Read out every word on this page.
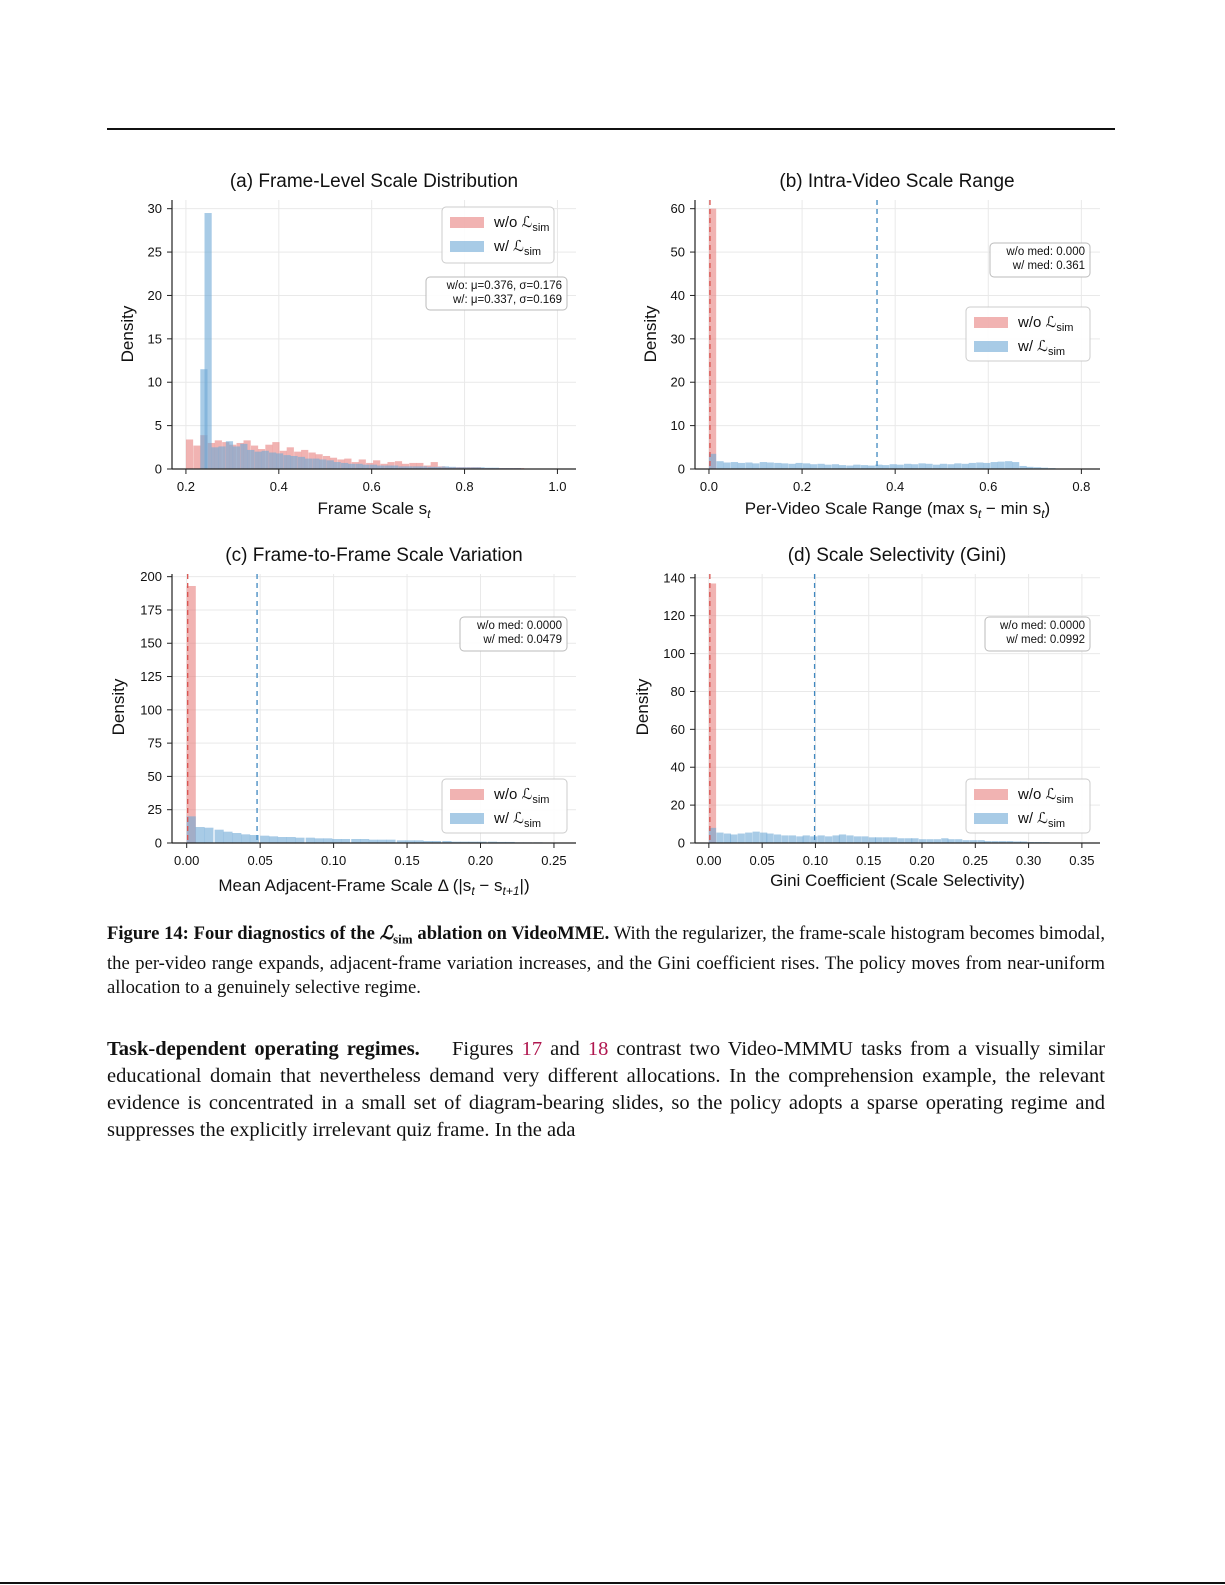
0.2	0.4	0.6	0.8	1.0
0
5
10
15
20
25
30
(a) Frame-Level Scale Distribution
Density
Frame Scale $s_t$
w/o ℒ$_{sim}$
w/ ℒ$_{sim}$
w/o: μ=0.376, σ=0.176
w/: μ=0.337, σ=0.169
0.0	0.2	0.4	0.6	0.8
0
10
20
30
40
50
60
(b) Intra-Video Scale Range
Density
Per-Video Scale Range (max $s_t - \min s_t$)
w/o ℒ$_{sim}$
w/ ℒ$_{sim}$
w/o med: 0.000
w/ med: 0.361
0.00	0.05	0.10	0.15	0.20	0.25
0
25
50
75
100
125
150
175
200
(c) Frame-to-Frame Scale Variation
Density
Mean Adjacent-Frame Scale Δ $(|s_t - s_{t+1}|)$
w/o ℒ$_{sim}$
w/ ℒ$_{sim}$
w/o med: 0.0000
w/ med: 0.0479
0.00 0.05 0.10 0.15 0.20 0.25 0.30 0.35
0
20
40
60
80
100
120
140
(d) Scale Selectivity (Gini)
Density
Gini Coefficient (Scale Selectivity)
w/o ℒ$_{sim}$
w/ ℒ$_{sim}$
w/o med: 0.0000
w/ med: 0.0992
Figure 14: Four diagnostics of the ℒ$_{sim}$ ablation on VideoMME. With the regularizer, the frame-scale histogram becomes bimodal, the per-video range expands, adjacent-frame variation increases, and the Gini coefficient rises. The policy moves from near-uniform allocation to a genuinely selective regime.
Task-dependent operating regimes. Figures 17 and 18 contrast two Video-MMMU tasks from a visually similar educational domain that nevertheless demand very different allocations. In the comprehension example, the relevant evidence is concentrated in a small set of diagram-bearing slides, so the policy adopts a sparse operating regime and suppresses the explicitly irrelevant quiz frame. In the ada
